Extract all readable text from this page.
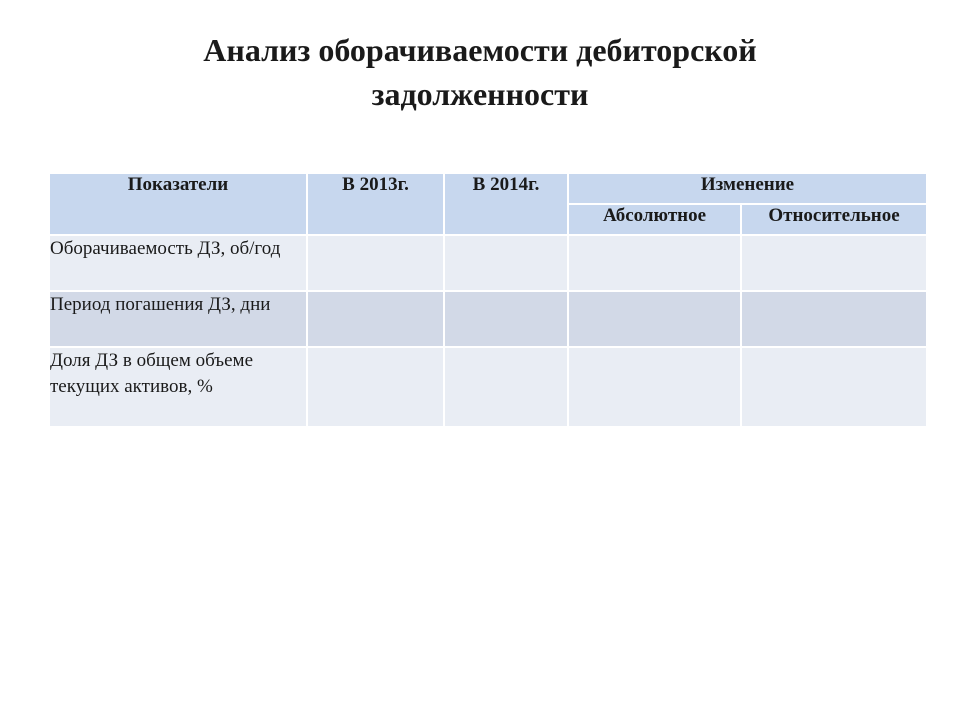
Анализ оборачиваемости дебиторской
задолженности
Показатели	В 2013г.	В 2014г.	Изменение	
			Абсолютное	Относительное
Оборачиваемость ДЗ, об/год				
Период погашения ДЗ, дни				
Доля ДЗ в общем объеме текущих активов, %				
